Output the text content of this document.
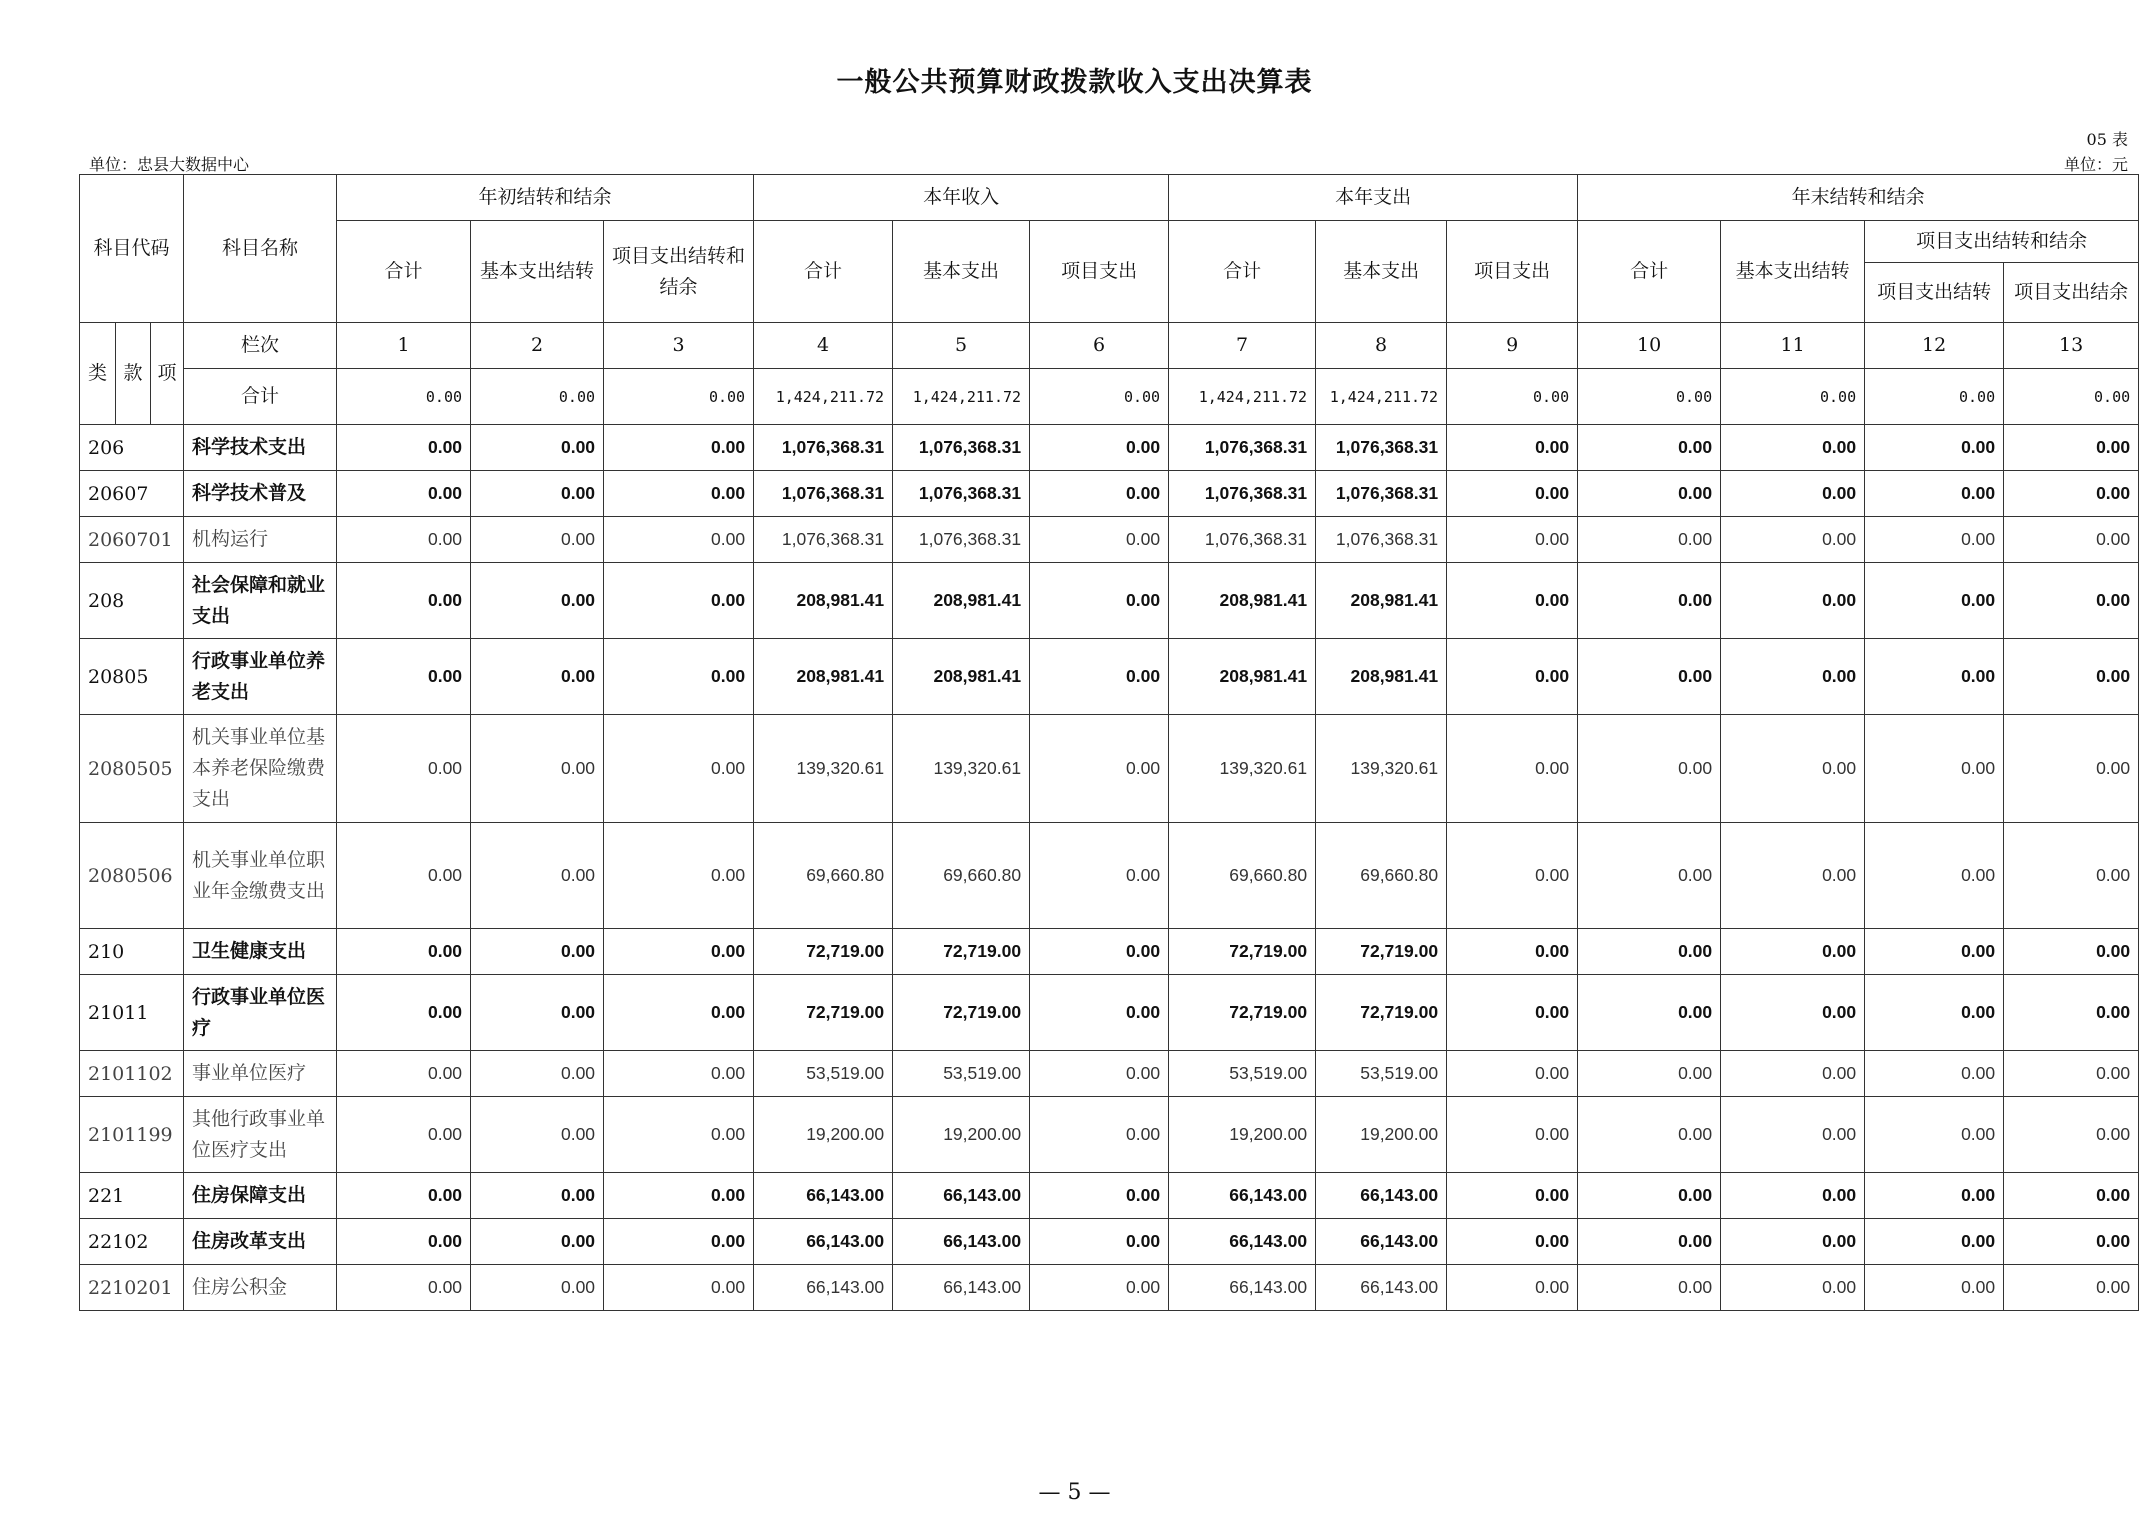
一般公共预算财政拨款收入支出决算表
05 表
单位：忠县大数据中心	单位：元
科目代码			科目名称	年初结转和结余			本年收入			本年支出			年末结转和结余			
				合计	基本支出结转	项目支出结转和结余	合计	基本支出	项目支出	合计	基本支出	项目支出	合计	基本支出结转	项目支出结转和结余	
															项目支出结转	项目支出结余
类	款	项	栏次	1	2	3	4	5	6	7	8	9	10	11	12	13
			合计	0.00	0.00	0.00	1,424,211.72	1,424,211.72	0.00	1,424,211.72	1,424,211.72	0.00	0.00	0.00	0.00	0.00
206			科学技术支出	0.00	0.00	0.00	1,076,368.31	1,076,368.31	0.00	1,076,368.31	1,076,368.31	0.00	0.00	0.00	0.00	0.00
20607			科学技术普及	0.00	0.00	0.00	1,076,368.31	1,076,368.31	0.00	1,076,368.31	1,076,368.31	0.00	0.00	0.00	0.00	0.00
2060701			机构运行	0.00	0.00	0.00	1,076,368.31	1,076,368.31	0.00	1,076,368.31	1,076,368.31	0.00	0.00	0.00	0.00	0.00
208			社会保障和就业支出	0.00	0.00	0.00	208,981.41	208,981.41	0.00	208,981.41	208,981.41	0.00	0.00	0.00	0.00	0.00
20805			行政事业单位养老支出	0.00	0.00	0.00	208,981.41	208,981.41	0.00	208,981.41	208,981.41	0.00	0.00	0.00	0.00	0.00
2080505			机关事业单位基本养老保险缴费支出	0.00	0.00	0.00	139,320.61	139,320.61	0.00	139,320.61	139,320.61	0.00	0.00	0.00	0.00	0.00
2080506			机关事业单位职业年金缴费支出	0.00	0.00	0.00	69,660.80	69,660.80	0.00	69,660.80	69,660.80	0.00	0.00	0.00	0.00	0.00
210			卫生健康支出	0.00	0.00	0.00	72,719.00	72,719.00	0.00	72,719.00	72,719.00	0.00	0.00	0.00	0.00	0.00
21011			行政事业单位医疗	0.00	0.00	0.00	72,719.00	72,719.00	0.00	72,719.00	72,719.00	0.00	0.00	0.00	0.00	0.00
2101102			事业单位医疗	0.00	0.00	0.00	53,519.00	53,519.00	0.00	53,519.00	53,519.00	0.00	0.00	0.00	0.00	0.00
2101199			其他行政事业单位医疗支出	0.00	0.00	0.00	19,200.00	19,200.00	0.00	19,200.00	19,200.00	0.00	0.00	0.00	0.00	0.00
221			住房保障支出	0.00	0.00	0.00	66,143.00	66,143.00	0.00	66,143.00	66,143.00	0.00	0.00	0.00	0.00	0.00
22102			住房改革支出	0.00	0.00	0.00	66,143.00	66,143.00	0.00	66,143.00	66,143.00	0.00	0.00	0.00	0.00	0.00
2210201			住房公积金	0.00	0.00	0.00	66,143.00	66,143.00	0.00	66,143.00	66,143.00	0.00	0.00	0.00	0.00	0.00
— 5 —
